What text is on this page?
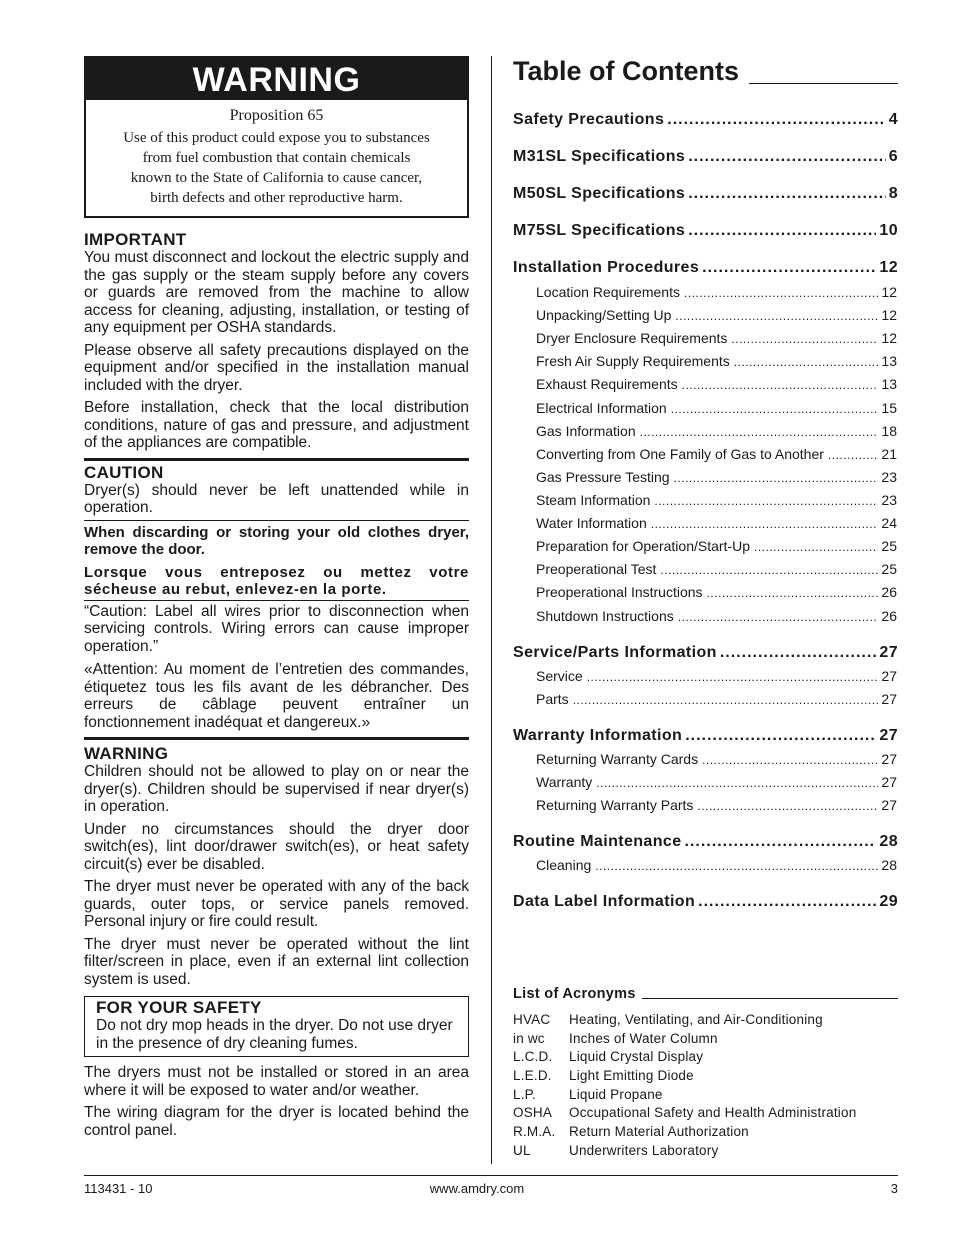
WARNING
Proposition 65
Use of this product could expose you to substances
from fuel combustion that contain chemicals
known to the State of California to cause cancer,
birth defects and other reproductive harm.
IMPORTANT
You must disconnect and lockout the electric supply and the gas supply or the steam supply before any covers or guards are removed from the machine to allow access for cleaning, adjusting, installation, or testing of any equipment per OSHA standards.
Please observe all safety precautions displayed on the equipment and/or specified in the installation manual included with the dryer.
Before installation, check that the local distribution conditions, nature of gas and pressure, and adjustment of the appliances are compatible.
CAUTION
Dryer(s) should never be left unattended while in operation.
When discarding or storing your old clothes dryer, remove the door.
Lorsque vous entreposez ou mettez votre sécheuse au rebut, enlevez-en la porte.
“Caution: Label all wires prior to disconnection when servicing controls. Wiring errors can cause improper operation.”
«Attention: Au moment de l’entretien des commandes, étiquetez tous les fils avant de les débrancher. Des erreurs de câblage peuvent entraîner un fonctionnement inadéquat et dangereux.»
WARNING
Children should not be allowed to play on or near the dryer(s). Children should be supervised if near dryer(s) in operation.
Under no circumstances should the dryer door switch(es), lint door/drawer switch(es), or heat safety circuit(s) ever be disabled.
The dryer must never be operated with any of the back guards, outer tops, or service panels removed. Personal injury or fire could result.
The dryer must never be operated without the lint filter/screen in place, even if an external lint collection system is used.
FOR YOUR SAFETY
Do not dry mop heads in the dryer. Do not use dryer in the presence of dry cleaning fumes.
The dryers must not be installed or stored in an area where it will be exposed to water and/or weather.
The wiring diagram for the dryer is located behind the control panel.
Table of Contents
Safety Precautions .....	4
M31SL Specifications .....	6
M50SL Specifications .....	8
M75SL Specifications .....	10
Installation Procedures .....	12
Location Requirements .....	12
Unpacking/Setting Up .....	12
Dryer Enclosure Requirements .....	12
Fresh Air Supply Requirements .....	13
Exhaust Requirements .....	13
Electrical Information .....	15
Gas Information .....	18
Converting from One Family of Gas to Another .....	21
Gas Pressure Testing .....	23
Steam Information .....	23
Water Information .....	24
Preparation for Operation/Start-Up .....	25
Preoperational Test .....	25
Preoperational Instructions .....	26
Shutdown Instructions .....	26
Service/Parts Information .....	27
Service .....	27
Parts .....	27
Warranty Information .....	27
Returning Warranty Cards .....	27
Warranty .....	27
Returning Warranty Parts .....	27
Routine Maintenance .....	28
Cleaning .....	28
Data Label Information .....	29
List of Acronyms
HVAC	Heating, Ventilating, and Air-Conditioning
in wc	Inches of Water Column
L.C.D.	Liquid Crystal Display
L.E.D.	Light Emitting Diode
L.P.	Liquid Propane
OSHA	Occupational Safety and Health Administration
R.M.A.	Return Material Authorization
UL	Underwriters Laboratory
113431 - 10	www.amdry.com	3
